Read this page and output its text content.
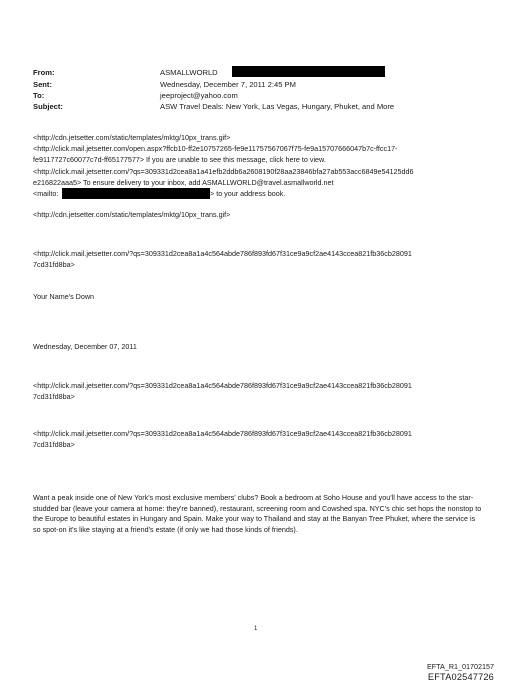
From:	ASMALLWORLD
Sent:	Wednesday, December 7, 2011 2:45 PM
To:	jeeproject@yahoo.com
Subject:	ASW Travel Deals: New York, Las Vegas, Hungary, Phuket, and More
<http://cdn.jetsetter.com/static/templates/mktg/10px_trans.gif>
<http://click.mail.jetsetter.com/open.aspx?ffcb10-ff2e10757265-fe9e11757567067f75-fe9a15707666047b7c-ffcc17-
fe9117727c60077c7d-ff65177577> If you are unable to see this message, click here to view.
<http://click.mail.jetsetter.com/?qs=309331d2cea8a1a41efb2ddb6a2608190f28aa23846bfa27ab553acc6849e54125dd6
e216822aaa5> To ensure delivery to your inbox, add ASMALLWORLD@travel.asmallworld.net
<mailto:	> to your address book.
<http://cdn.jetsetter.com/static/templates/mktg/10px_trans.gif>
<http://click.mail.jetsetter.com/?qs=309331d2cea8a1a4c564abde786f893fd67f31ce9a9cf2ae4143ccea821fb36cb28091
7cd31fd8ba>
Your Name's Down
Wednesday, December 07, 2011
<http://click.mail.jetsetter.com/?qs=309331d2cea8a1a4c564abde786f893fd67f31ce9a9cf2ae4143ccea821fb36cb28091
7cd31fd8ba>
<http://click.mail.jetsetter.com/?qs=309331d2cea8a1a4c564abde786f893fd67f31ce9a9cf2ae4143ccea821fb36cb28091
7cd31fd8ba>
Want a peak inside one of New York's most exclusive members' clubs? Book a bedroom at Soho House and you'll have access to the star-studded bar (leave your camera at home: they're banned), restaurant, screening room and Cowshed spa. NYC's chic set hops the nonstop to the Europe to beautiful estates in Hungary and Spain. Make your way to Thailand and stay at the Banyan Tree Phuket, where the service is so spot-on it's like staying at a friend's estate (if only we had those kinds of friends).
1
EFTA_R1_01702157
EFTA02547726
